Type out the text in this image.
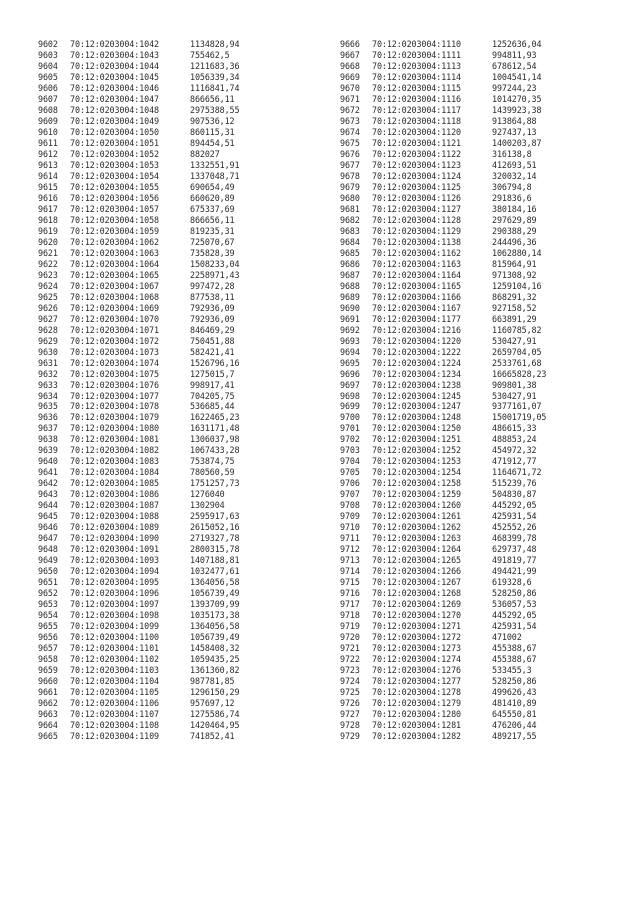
9602 70:12:0203004:1042	1134828,94
9603 70:12:0203004:1043	755462,5
9604 70:12:0203004:1044	1211683,36
9605 70:12:0203004:1045	1056339,34
9606 70:12:0203004:1046	1116841,74
9607 70:12:0203004:1047	866656,11
9608 70:12:0203004:1048	2975388,55
9609 70:12:0203004:1049	907536,12
9610 70:12:0203004:1050	860115,31
9611 70:12:0203004:1051	894454,51
9612 70:12:0203004:1052	882027
9613 70:12:0203004:1053	1332551,91
9614 70:12:0203004:1054	1337048,71
9615 70:12:0203004:1055	690654,49
9616 70:12:0203004:1056	660620,89
9617 70:12:0203004:1057	675337,69
9618 70:12:0203004:1058	866656,11
9619 70:12:0203004:1059	819235,31
9620 70:12:0203004:1062	725070,67
9621 70:12:0203004:1063	735828,39
9622 70:12:0203004:1064	1508233,04
9623 70:12:0203004:1065	2258971,43
9624 70:12:0203004:1067	997472,28
9625 70:12:0203004:1068	877538,11
9626 70:12:0203004:1069	792936,09
9627 70:12:0203004:1070	792936,09
9628 70:12:0203004:1071	846469,29
9629 70:12:0203004:1072	750451,88
9630 70:12:0203004:1073	582421,41
9631 70:12:0203004:1074	1526796,16
9632 70:12:0203004:1075	1275015,7
9633 70:12:0203004:1076	998917,41
9634 70:12:0203004:1077	704205,75
9635 70:12:0203004:1078	536685,44
9636 70:12:0203004:1079	1622465,23
9637 70:12:0203004:1080	1631171,48
9638 70:12:0203004:1081	1306037,98
9639 70:12:0203004:1082	1067433,28
9640 70:12:0203004:1083	753874,75
9641 70:12:0203004:1084	780560,59
9642 70:12:0203004:1085	1751257,73
9643 70:12:0203004:1086	1276040
9644 70:12:0203004:1087	1302904
9645 70:12:0203004:1088	2595917,63
9646 70:12:0203004:1089	2615052,16
9647 70:12:0203004:1090	2719327,78
9648 70:12:0203004:1091	2800315,78
9649 70:12:0203004:1093	1407188,81
9650 70:12:0203004:1094	1032477,61
9651 70:12:0203004:1095	1364056,58
9652 70:12:0203004:1096	1056739,49
9653 70:12:0203004:1097	1393709,99
9654 70:12:0203004:1098	1035173,38
9655 70:12:0203004:1099	1364056,58
9656 70:12:0203004:1100	1056739,49
9657 70:12:0203004:1101	1458408,32
9658 70:12:0203004:1102	1059435,25
9659 70:12:0203004:1103	1361360,82
9660 70:12:0203004:1104	987781,85
9661 70:12:0203004:1105	1296150,29
9662 70:12:0203004:1106	957697,12
9663 70:12:0203004:1107	1275586,74
9664 70:12:0203004:1108	1420464,95
9665 70:12:0203004:1109	741852,41
9666 70:12:0203004:1110	1252636,04
9667 70:12:0203004:1111	994811,93
9668 70:12:0203004:1113	678612,54
9669 70:12:0203004:1114	1004541,14
9670 70:12:0203004:1115	997244,23
9671 70:12:0203004:1116	1014270,35
9672 70:12:0203004:1117	1439923,38
9673 70:12:0203004:1118	913864,88
9674 70:12:0203004:1120	927437,13
9675 70:12:0203004:1121	1400203,87
9676 70:12:0203004:1122	316138,8
9677 70:12:0203004:1123	412693,51
9678 70:12:0203004:1124	320032,14
9679 70:12:0203004:1125	306794,8
9680 70:12:0203004:1126	291836,6
9681 70:12:0203004:1127	380184,16
9682 70:12:0203004:1128	297629,89
9683 70:12:0203004:1129	290388,29
9684 70:12:0203004:1138	244496,36
9685 70:12:0203004:1162	1062880,14
9686 70:12:0203004:1163	815964,91
9687 70:12:0203004:1164	971308,92
9688 70:12:0203004:1165	1259104,16
9689 70:12:0203004:1166	868291,32
9690 70:12:0203004:1167	927158,52
9691 70:12:0203004:1177	663891,29
9692 70:12:0203004:1216	1160785,82
9693 70:12:0203004:1220	530427,91
9694 70:12:0203004:1222	2659704,05
9695 70:12:0203004:1224	2533761,68
9696 70:12:0203004:1234	16665828,23
9697 70:12:0203004:1238	909801,38
9698 70:12:0203004:1245	530427,91
9699 70:12:0203004:1247	9377161,07
9700 70:12:0203004:1248	15001719,05
9701 70:12:0203004:1250	486615,33
9702 70:12:0203004:1251	488853,24
9703 70:12:0203004:1252	454972,32
9704 70:12:0203004:1253	471912,77
9705 70:12:0203004:1254	1164671,72
9706 70:12:0203004:1258	515239,76
9707 70:12:0203004:1259	504830,87
9708 70:12:0203004:1260	445292,05
9709 70:12:0203004:1261	425931,54
9710 70:12:0203004:1262	452552,26
9711 70:12:0203004:1263	468399,78
9712 70:12:0203004:1264	629737,48
9713 70:12:0203004:1265	491819,77
9714 70:12:0203004:1266	494421,99
9715 70:12:0203004:1267	619328,6
9716 70:12:0203004:1268	528250,86
9717 70:12:0203004:1269	536057,53
9718 70:12:0203004:1270	445292,05
9719 70:12:0203004:1271	425931,54
9720 70:12:0203004:1272	471002
9721 70:12:0203004:1273	455388,67
9722 70:12:0203004:1274	455388,67
9723 70:12:0203004:1276	533455,3
9724 70:12:0203004:1277	528250,86
9725 70:12:0203004:1278	499626,43
9726 70:12:0203004:1279	481410,89
9727 70:12:0203004:1280	645550,81
9728 70:12:0203004:1281	476206,44
9729 70:12:0203004:1282	489217,55
